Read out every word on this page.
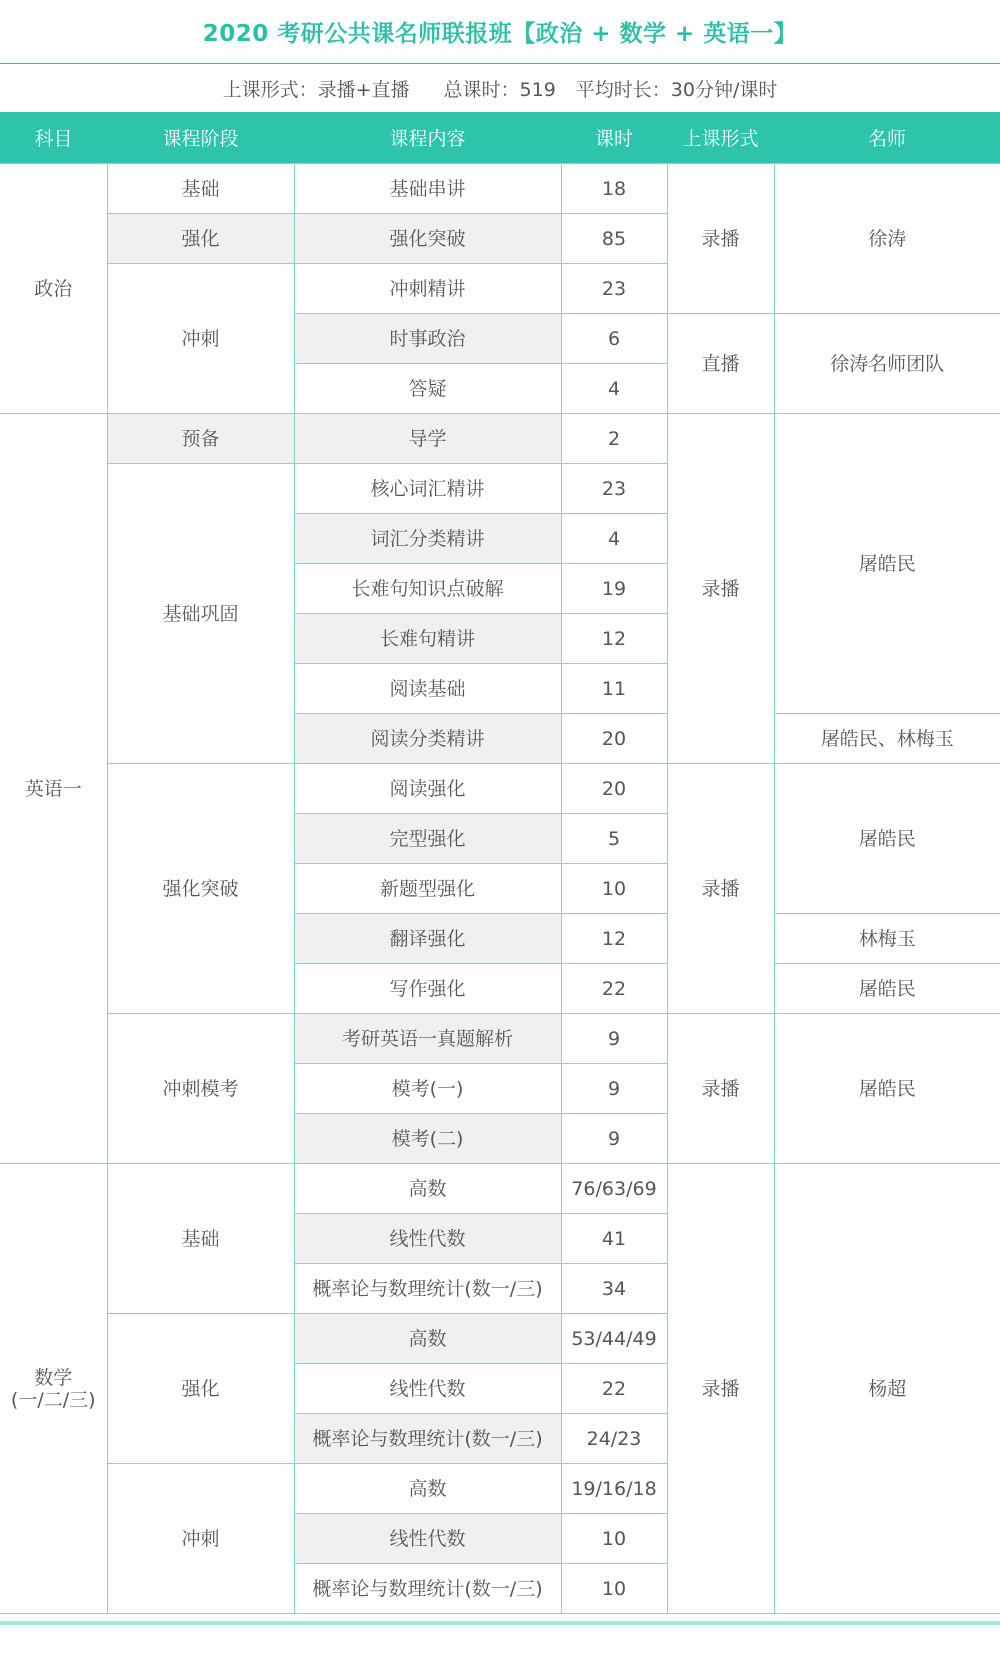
2020 考研公共课名师联报班【政治 + 数学 + 英语一】
上课形式：录播+直播 总课时：519 平均时长：30分钟/课时
科目	课程阶段	课程内容	课时	上课形式	名师
政治	基础	基础串讲	18	录播	徐涛
	强化	强化突破	85		
	冲刺	冲刺精讲	23		
		时事政治	6	直播	徐涛名师团队
		答疑	4		
英语一	预备	导学	2	录播	屠皓民
	基础巩固	核心词汇精讲	23		
		词汇分类精讲	4		
		长难句知识点破解	19		
		长难句精讲	12		
		阅读基础	11		
		阅读分类精讲	20		屠皓民、林梅玉
	强化突破	阅读强化	20	录播	屠皓民
		完型强化	5		
		新题型强化	10		
		翻译强化	12		林梅玉
		写作强化	22		屠皓民
	冲刺模考	考研英语一真题解析	9	录播	屠皓民
		模考(一)	9		
		模考(二)	9		

数学
(一/二/三)	基础	高数	76/63/69	录播	杨超
		线性代数	41		
		概率论与数理统计(数一/三)	34		
	强化	高数	53/44/49		
		线性代数	22		
		概率论与数理统计(数一/三)	24/23		
	冲刺	高数	19/16/18		
		线性代数	10		
		概率论与数理统计(数一/三)	10		
